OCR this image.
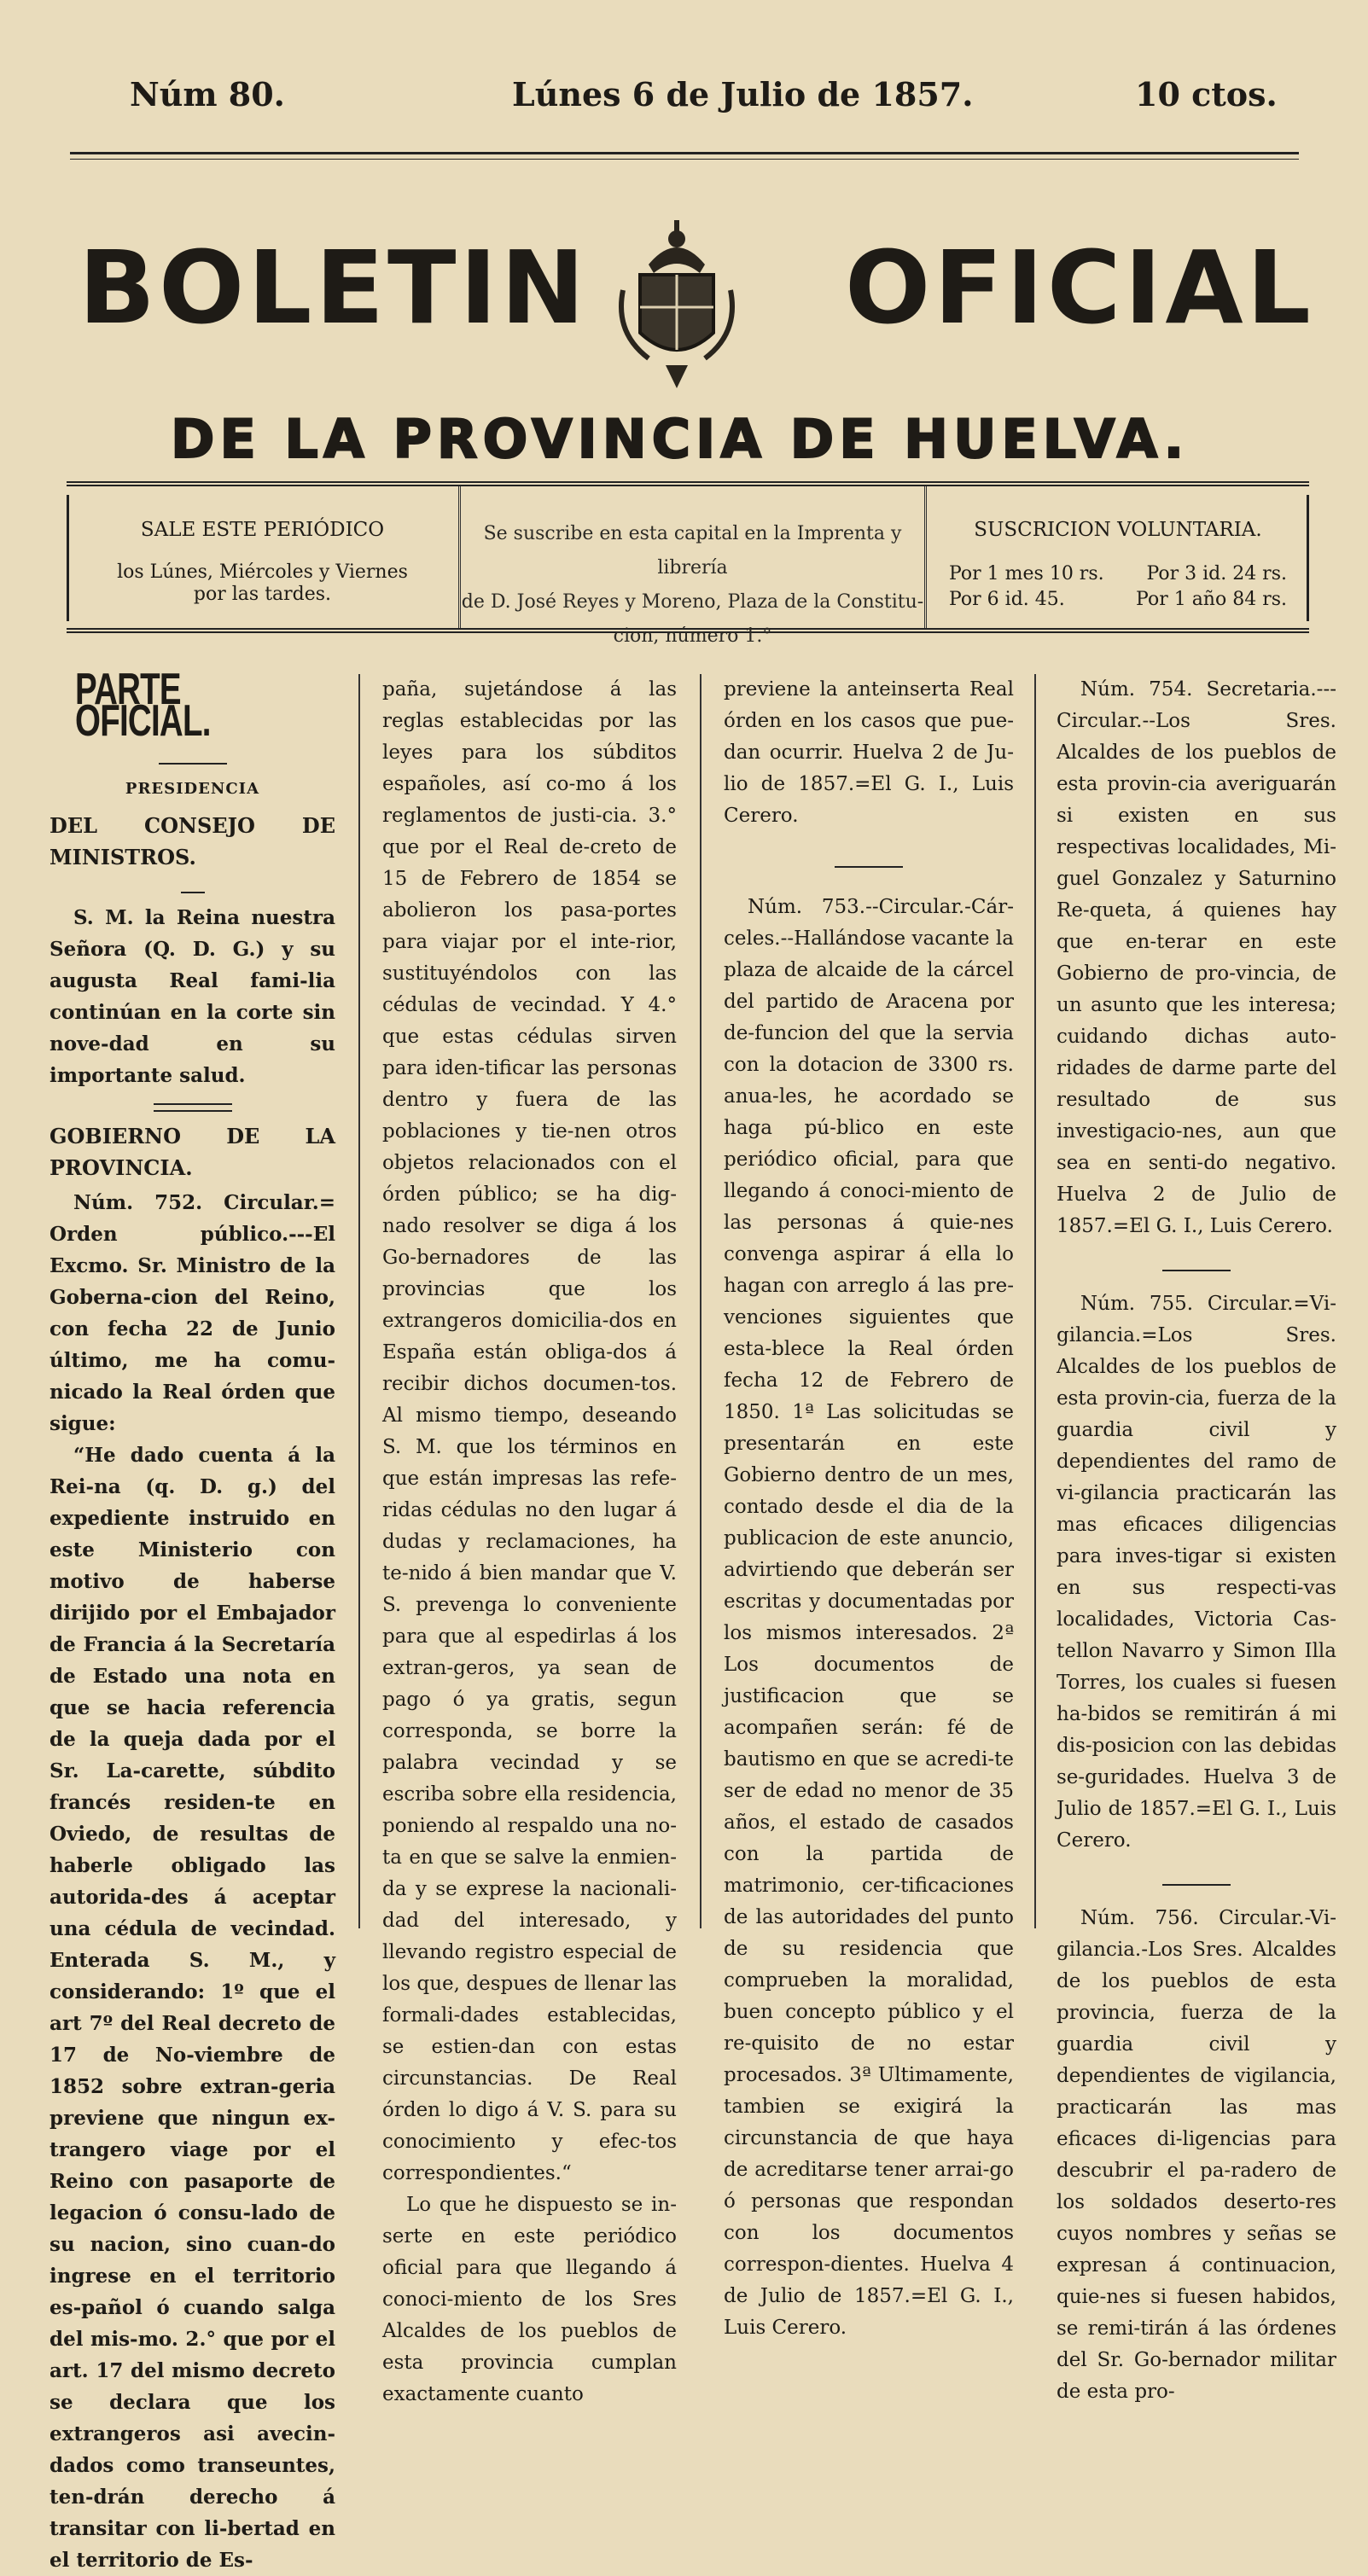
Núm 80.	Lúnes 6 de Julio de 1857.	10 ctos.
BOLETIN	OFICIAL
DE LA PROVINCIA DE HUELVA.
SALE ESTE PERIÓDICO

los Lúnes, Miércoles y Viernes

por las tardes.

Se suscribe en esta capital en la Imprenta y librería

de D. José Reyes y Moreno, Plaza de la Constitu-

cion, número 1.°

SUSCRICION VOLUNTARIA.
Por 1 mes 10 rs. Por 3 id. 24 rs.
Por 6 id. 45.	Por 1 año 84 rs.
PARTE OFICIAL.
PRESIDENCIA
DEL CONSEJO DE MINISTROS.

S. M. la Reina nuestra Señora (Q. D. G.) y su augusta Real fami-lia continúan en la corte sin nove-dad en su importante salud.

GOBIERNO DE LA PROVINCIA.

Núm. 752. Circular.= Orden público.---El Excmo. Sr. Ministro de la Goberna-cion del Reino, con fecha 22 de Junio último, me ha comu-nicado la Real órden que sigue:

“He dado cuenta á la Rei-na (q. D. g.) del expediente instruido en este Ministerio con motivo de haberse dirijido por el Embajador de Francia á la Secretaría de Estado una nota en que se hacia referencia de la queja dada por el Sr. La-carette, súbdito francés residen-te en Oviedo, de resultas de haberle obligado las autorida-des á aceptar una cédula de vecindad. Enterada S. M., y considerando: 1º que el art 7º del Real decreto de 17 de No-viembre de 1852 sobre extran-geria previene que ningun ex-trangero viage por el Reino con pasaporte de legacion ó consu-lado de su nacion, sino cuan-do ingrese en el territorio es-pañol ó cuando salga del mis-mo. 2.° que por el art. 17 del mismo decreto se declara que los extrangeros asi avecin-dados como transeuntes, ten-drán derecho á transitar con li-bertad en el territorio de Es-

paña, sujetándose á las reglas establecidas por las leyes para los súbditos españoles, así co-mo á los reglamentos de justi-cia. 3.° que por el Real de-creto de 15 de Febrero de 1854 se abolieron los pasa-portes para viajar por el inte-rior, sustituyéndolos con las cédulas de vecindad. Y 4.° que estas cédulas sirven para iden-tificar las personas dentro y fuera de las poblaciones y tie-nen otros objetos relacionados con el órden público; se ha dig-nado resolver se diga á los Go-bernadores de las provincias que los extrangeros domicilia-dos en España están obliga-dos á recibir dichos documen-tos. Al mismo tiempo, deseando S. M. que los términos en que están impresas las refe-ridas cédulas no den lugar á dudas y reclamaciones, ha te-nido á bien mandar que V. S. prevenga lo conveniente para que al espedirlas á los extran-geros, ya sean de pago ó ya gratis, segun corresponda, se borre la palabra vecindad y se escriba sobre ella residencia, poniendo al respaldo una no-ta en que se salve la enmien-da y se exprese la nacionali-dad del interesado, y llevando registro especial de los que, despues de llenar las formali-dades establecidas, se estien-dan con estas circunstancias. De Real órden lo digo á V. S. para su conocimiento y efec-tos correspondientes.“

Lo que he dispuesto se in-serte en este periódico oficial para que llegando á conoci-miento de los Sres Alcaldes de los pueblos de esta provincia cumplan exactamente cuanto

previene la anteinserta Real órden en los casos que pue-dan ocurrir. Huelva 2 de Ju-lio de 1857.=El G. I., Luis Cerero.

Núm. 753.--Circular.-Cár-celes.--Hallándose vacante la plaza de alcaide de la cárcel del partido de Aracena por de-funcion del que la servia con la dotacion de 3300 rs. anua-les, he acordado se haga pú-blico en este periódico oficial, para que llegando á conoci-miento de las personas á quie-nes convenga aspirar á ella lo hagan con arreglo á las pre-venciones siguientes que esta-blece la Real órden fecha 12 de Febrero de 1850. 1ª Las solicitudas se presentarán en este Gobierno dentro de un mes, contado desde el dia de la publicacion de este anuncio, advirtiendo que deberán ser escritas y documentadas por los mismos interesados. 2ª Los documentos de justificacion que se acompañen serán: fé de bautismo en que se acredi-te ser de edad no menor de 35 años, el estado de casados con la partida de matrimonio, cer-tificaciones de las autoridades del punto de su residencia que comprueben la moralidad, buen concepto público y el re-quisito de no estar procesados. 3ª Ultimamente, tambien se exigirá la circunstancia de que haya de acreditarse tener arrai-go ó personas que respondan con los documentos correspon-dientes. Huelva 4 de Julio de 1857.=El G. I., Luis Cerero.

Núm. 754. Secretaria.--- Circular.--Los Sres. Alcaldes de los pueblos de esta provin-cia averiguarán si existen en sus respectivas localidades, Mi-guel Gonzalez y Saturnino Re-queta, á quienes hay que en-terar en este Gobierno de pro-vincia, de un asunto que les interesa; cuidando dichas auto-ridades de darme parte del resultado de sus investigacio-nes, aun que sea en senti-do negativo. Huelva 2 de Julio de 1857.=El G. I., Luis Cerero.

Núm. 755. Circular.=Vi-gilancia.=Los Sres. Alcaldes de los pueblos de esta provin-cia, fuerza de la guardia civil y dependientes del ramo de vi-gilancia practicarán las mas eficaces diligencias para inves-tigar si existen en sus respecti-vas localidades, Victoria Cas-tellon Navarro y Simon Illa Torres, los cuales si fuesen ha-bidos se remitirán á mi dis-posicion con las debidas se-guridades. Huelva 3 de Julio de 1857.=El G. I., Luis Cerero.

Núm. 756. Circular.-Vi-gilancia.-Los Sres. Alcaldes de los pueblos de esta provincia, fuerza de la guardia civil y dependientes de vigilancia, practicarán las mas eficaces di-ligencias para descubrir el pa-radero de los soldados deserto-res cuyos nombres y señas se expresan á continuacion, quie-nes si fuesen habidos, se remi-tirán á las órdenes del Sr. Go-bernador militar de esta pro-
